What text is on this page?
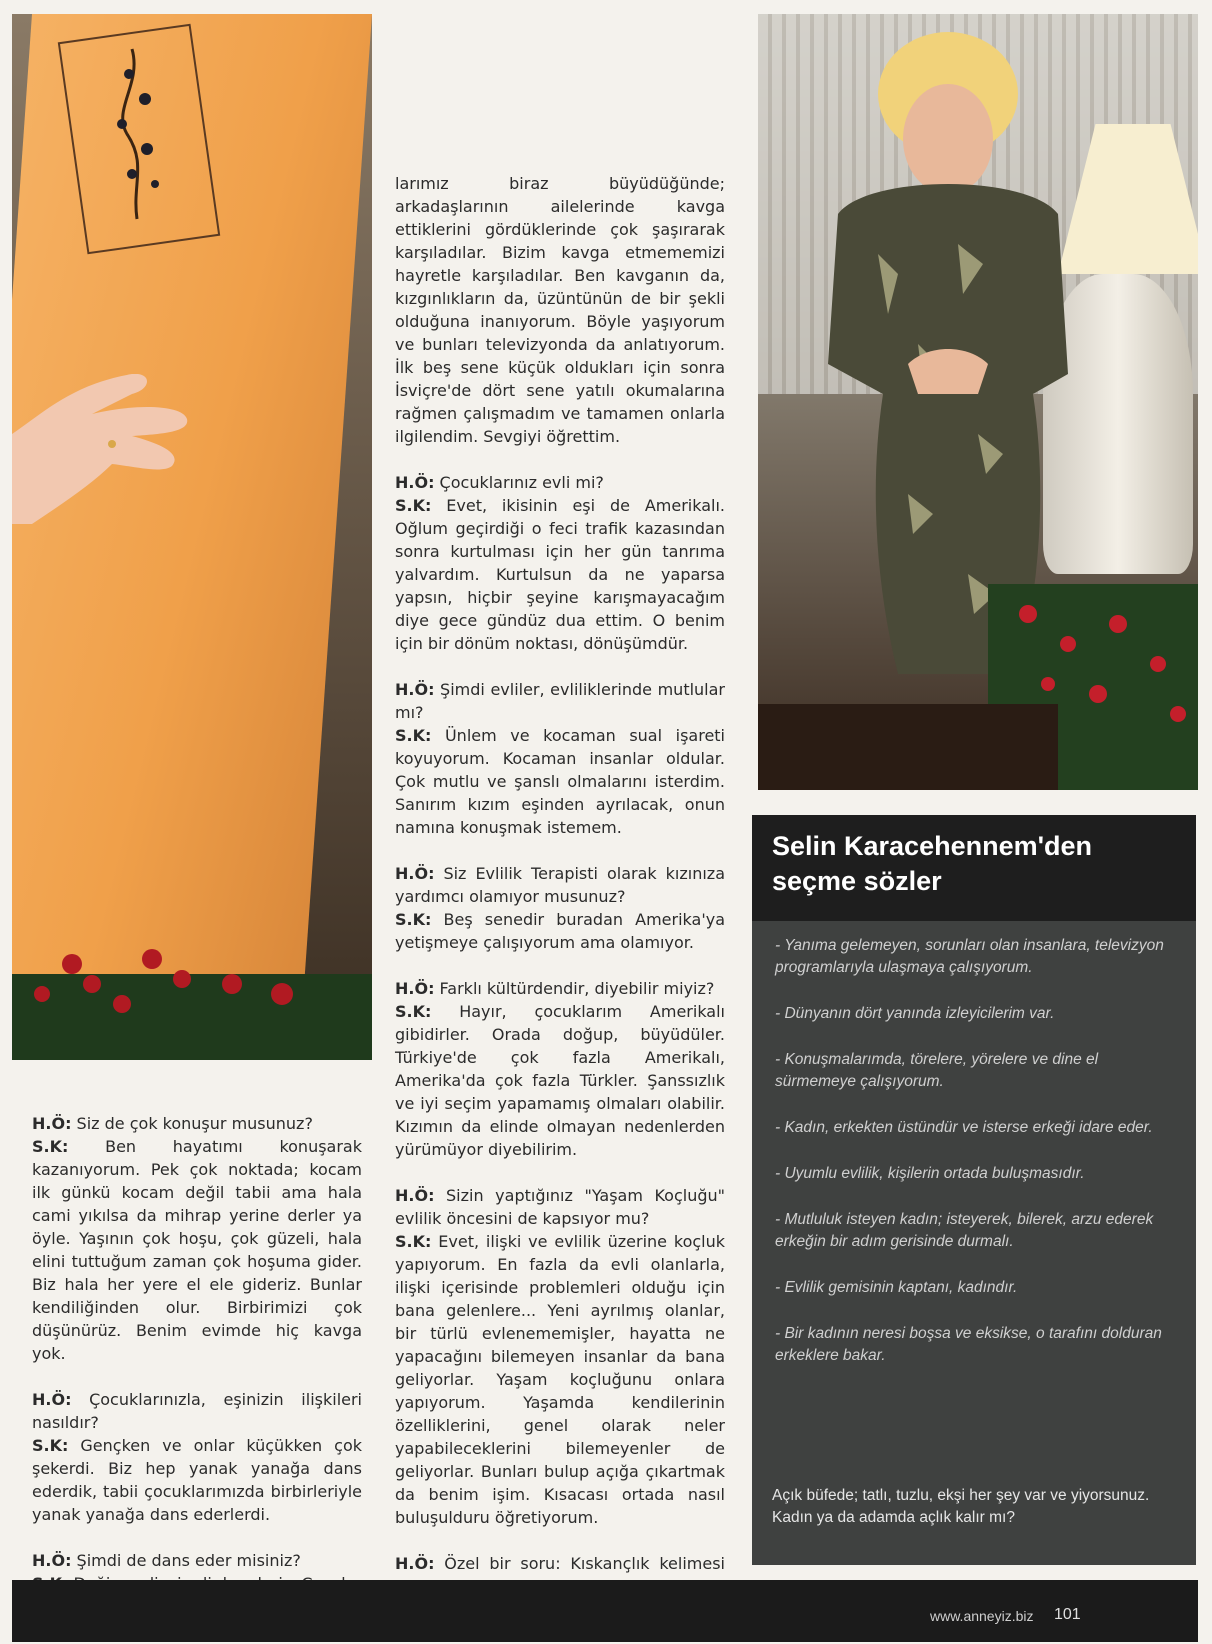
H.Ö: Siz de çok konuşur musunuz?
S.K: Ben hayatımı konuşarak kazanıyorum. Pek çok noktada; kocam ilk günkü kocam değil tabii ama hala cami yıkılsa da mihrap yerine derler ya öyle. Yaşının çok hoşu, çok güzeli, hala elini tuttuğum zaman çok hoşuma gider. Biz hala her yere el ele gideriz. Bunlar kendiliğinden olur. Birbirimizi çok düşünürüz. Benim evimde hiç kavga yok.

H.Ö: Çocuklarınızla, eşinizin ilişkileri nasıldır?
S.K: Gençken ve onlar küçükken çok şekerdi. Biz hep yanak yanağa dans ederdik, tabii çocuklarımızda birbirleriyle yanak yanağa dans ederlerdi.

H.Ö: Şimdi de dans eder misiniz?

larımız biraz büyüdüğünde; arkadaşlarının ailelerinde kavga ettiklerini gördüklerinde çok şaşırarak karşıladılar. Bizim kavga etmememizi hayretle karşıladılar. Ben kavganın da, kızgınlıkların da, üzüntünün de bir şekli olduğuna inanıyorum. Böyle yaşıyorum ve bunları televizyonda da anlatıyorum. İlk beş sene küçük oldukları için sonra İsviçre'de dört sene yatılı okumalarına rağmen çalışmadım ve tamamen onlarla ilgilendim. Sevgiyi öğrettim.

H.Ö: Çocuklarınız evli mi?
S.K: Evet, ikisinin eşi de Amerikalı. Oğlum geçirdiği o feci trafik kazasından sonra kurtulması için her gün tanrıma yalvardım. Kurtulsun da ne yaparsa yapsın, hiçbir şeyine karışmayacağım diye gece gündüz dua ettim. O benim için bir dönüm noktası, dönüşümdür.

H.Ö: Şimdi evliler, evliliklerinde mutlular mı?
S.K: Ünlem ve kocaman sual işareti koyuyorum. Kocaman insanlar oldular. Çok mutlu ve şanslı olmalarını isterdim. Sanırım kızım eşinden ayrılacak, onun namına konuşmak istemem.

H.Ö: Siz Evlilik Terapisti olarak kızınıza yardımcı olamıyor musunuz?
S.K: Beş senedir buradan Amerika'ya yetişmeye çalışıyorum ama olamıyor.

H.Ö: Farklı kültürdendir, diyebilir miyiz?
S.K: Hayır, çocuklarım Amerikalı gibidirler. Orada doğup, büyüdüler. Türkiye'de çok fazla Amerikalı, Amerika'da çok fazla Türkler. Şanssızlık ve iyi seçim yapamamış olmaları olabilir. Kızımın da elinde olmayan nedenlerden yürümüyor diyebilirim.

H.Ö: Sizin yaptığınız "Yaşam Koçluğu" evlilik öncesini de kapsıyor mu?
S.K: Evet, ilişki ve evlilik üzerine koçluk yapıyorum. En fazla da evli olanlarla, ilişki içerisinde problemleri olduğu için bana gelenlere... Yeni ayrılmış olanlar, bir türlü evlenememişler, hayatta ne yapacağını bilemeyen insanlar da bana geliyorlar. Yaşam koçluğunu onlara yapıyorum. Yaşamda kendilerinin özelliklerini, genel olarak neler yapabileceklerini bilemeyenler de geliyorlar. Bunları bulup açığa çıkartmak da benim işim. Kısacası ortada nasıl buluşulduru öğretiyorum.

H.Ö: Özel bir soru: Kıskançlık kelimesi

Selin Karacehennem'den
seçme sözler
- Yanıma gelemeyen, sorunları olan insanlara, televizyon programlarıyla ulaşmaya çalışıyorum.
- Dünyanın dört yanında izleyicilerim var.
- Konuşmalarımda, törelere, yörelere ve dine el sürmemeye çalışıyorum.
- Kadın, erkekten üstündür ve isterse erkeği idare eder.
- Uyumlu evlilik, kişilerin ortada buluşmasıdır.
- Mutluluk isteyen kadın; isteyerek, bilerek, arzu ederek erkeğin bir adım gerisinde durmalı.
- Evlilik gemisinin kaptanı, kadındır.
- Bir kadının neresi boşsa ve eksikse, o tarafını dolduran erkeklere bakar.
Açık büfede; tatlı, tuzlu, ekşi her şey var ve yiyorsunuz. Kadın ya da adamda açlık kalır mı?
www.anneyiz.biz 101
